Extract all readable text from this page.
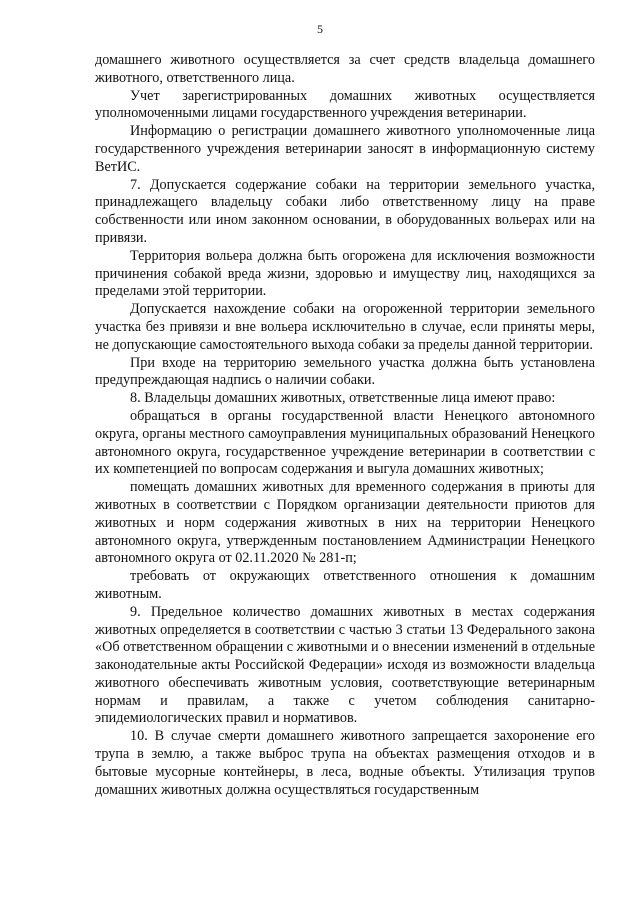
5

домашнего животного осуществляется за счет средств владельца домашнего животного, ответственного лица.

Учет зарегистрированных домашних животных осуществляется уполномоченными лицами государственного учреждения ветеринарии.

Информацию о регистрации домашнего животного уполномоченные лица государственного учреждения ветеринарии заносят в информационную систему ВетИС.

7. Допускается содержание собаки на территории земельного участка, принадлежащего владельцу собаки либо ответственному лицу на праве собственности или ином законном основании, в оборудованных вольерах или на привязи.

Территория вольера должна быть огорожена для исключения возможности причинения собакой вреда жизни, здоровью и имуществу лиц, находящихся за пределами этой территории.

Допускается нахождение собаки на огороженной территории земельного участка без привязи и вне вольера исключительно в случае, если приняты меры, не допускающие самостоятельного выхода собаки за пределы данной территории.

При входе на территорию земельного участка должна быть установлена предупреждающая надпись о наличии собаки.

8. Владельцы домашних животных, ответственные лица имеют право:

обращаться в органы государственной власти Ненецкого автономного округа, органы местного самоуправления муниципальных образований Ненецкого автономного округа, государственное учреждение ветеринарии в соответствии с их компетенцией по вопросам содержания и выгула домашних животных;

помещать домашних животных для временного содержания в приюты для животных в соответствии с Порядком организации деятельности приютов для животных и норм содержания животных в них на территории Ненецкого автономного округа, утвержденным постановлением Администрации Ненецкого автономного округа от 02.11.2020 № 281-п;

требовать от окружающих ответственного отношения к домашним животным.

9. Предельное количество домашних животных в местах содержания животных определяется в соответствии с частью 3 статьи 13 Федерального закона «Об ответственном обращении с животными и о внесении изменений в отдельные законодательные акты Российской Федерации» исходя из возможности владельца животного обеспечивать животным условия, соответствующие ветеринарным нормам и правилам, а также с учетом соблюдения санитарно-эпидемиологических правил и нормативов.

10. В случае смерти домашнего животного запрещается захоронение его трупа в землю, а также выброс трупа на объектах размещения отходов и в бытовые мусорные контейнеры, в леса, водные объекты. Утилизация трупов домашних животных должна осуществляться государственным
